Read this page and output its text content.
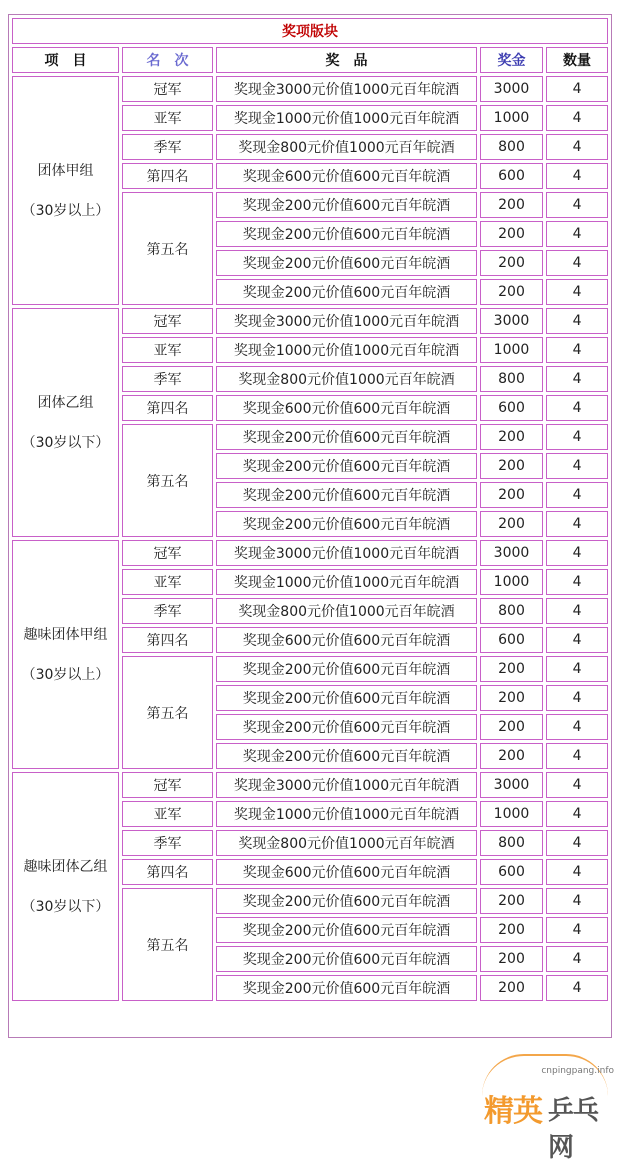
奖项版块				
项　目	名　次	奖　品	奖金	数量

团体甲组
（30岁以上）	冠军	奖现金3000元价值1000元百年皖酒	3000	4
	亚军	奖现金1000元价值1000元百年皖酒	1000	4
	季军	奖现金800元价值1000元百年皖酒	800	4
	第四名	奖现金600元价值600元百年皖酒	600	4
	第五名	奖现金200元价值600元百年皖酒	200	4
		奖现金200元价值600元百年皖酒	200	4
		奖现金200元价值600元百年皖酒	200	4
		奖现金200元价值600元百年皖酒	200	4

团体乙组
（30岁以下）	冠军	奖现金3000元价值1000元百年皖酒	3000	4
	亚军	奖现金1000元价值1000元百年皖酒	1000	4
	季军	奖现金800元价值1000元百年皖酒	800	4
	第四名	奖现金600元价值600元百年皖酒	600	4
	第五名	奖现金200元价值600元百年皖酒	200	4
		奖现金200元价值600元百年皖酒	200	4
		奖现金200元价值600元百年皖酒	200	4
		奖现金200元价值600元百年皖酒	200	4

趣味团体甲组
（30岁以上）	冠军	奖现金3000元价值1000元百年皖酒	3000	4
	亚军	奖现金1000元价值1000元百年皖酒	1000	4
	季军	奖现金800元价值1000元百年皖酒	800	4
	第四名	奖现金600元价值600元百年皖酒	600	4
	第五名	奖现金200元价值600元百年皖酒	200	4
		奖现金200元价值600元百年皖酒	200	4
		奖现金200元价值600元百年皖酒	200	4
		奖现金200元价值600元百年皖酒	200	4

趣味团体乙组
（30岁以下）	冠军	奖现金3000元价值1000元百年皖酒	3000	4
	亚军	奖现金1000元价值1000元百年皖酒	1000	4
	季军	奖现金800元价值1000元百年皖酒	800	4
	第四名	奖现金600元价值600元百年皖酒	600	4
	第五名	奖现金200元价值600元百年皖酒	200	4
		奖现金200元价值600元百年皖酒	200	4
		奖现金200元价值600元百年皖酒	200	4
		奖现金200元价值600元百年皖酒	200	4
cnpingpang.info
精英 乒乓网
